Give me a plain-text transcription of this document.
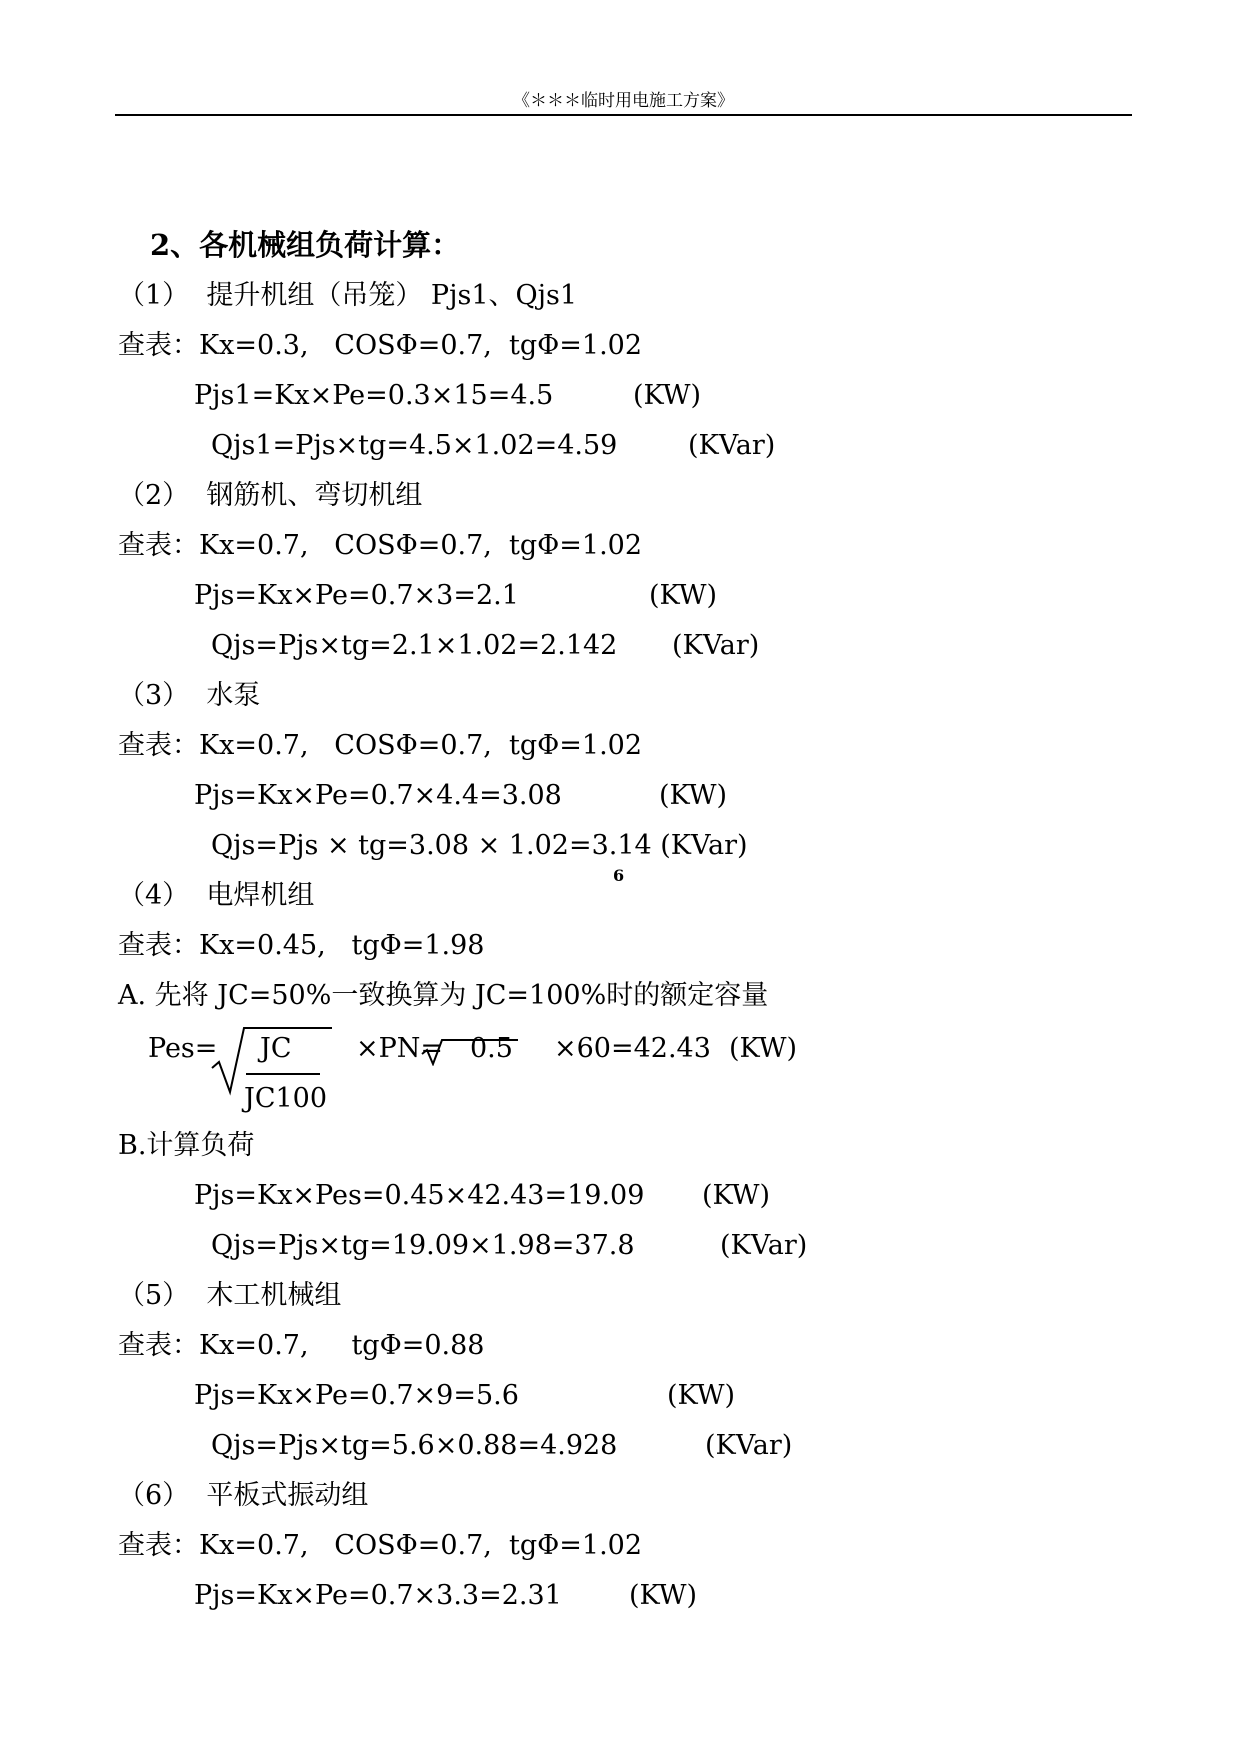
《＊＊＊临时用电施工方案》
2、各机械组负荷计算：
（1）  提升机组（吊笼） Pjs1、Qjs1
查表：Kx=0.3,   COSΦ=0.7,  tgΦ=1.02
Pjs1=Kx×Pe=0.3×15=4.5	(KW)
Qjs1=Pjs×tg=4.5×1.02=4.59	(KVar)
（2）  钢筋机、弯切机组
查表：Kx=0.7,   COSΦ=0.7,  tgΦ=1.02
Pjs=Kx×Pe=0.7×3=2.1	(KW)
Qjs=Pjs×tg=2.1×1.02=2.142 (KVar)
（3）  水泵
查表：Kx=0.7,   COSΦ=0.7,  tgΦ=1.02
Pjs=Kx×Pe=0.7×4.4=3.08	(KW)
Qjs=Pjs × tg=3.08 × 1.02=3.14 (KVar)
6
（4）  电焊机组
查表：Kx=0.45,   tgΦ=1.98
A. 先将 JC=50%一致换算为 JC=100%时的额定容量
Pes= JC
JC100
×PN= 0.5 ×60=42.43 (KW)
B.计算负荷
Pjs=Kx×Pes=0.45×42.43=19.09 (KW)
Qjs=Pjs×tg=19.09×1.98=37.8	(KVar)
（5）  木工机械组
查表：Kx=0.7,     tgΦ=0.88
Pjs=Kx×Pe=0.7×9=5.6	(KW)
Qjs=Pjs×tg=5.6×0.88=4.928	(KVar)
（6）  平板式振动组
查表：Kx=0.7,   COSΦ=0.7,  tgΦ=1.02
Pjs=Kx×Pe=0.7×3.3=2.31 (KW)
